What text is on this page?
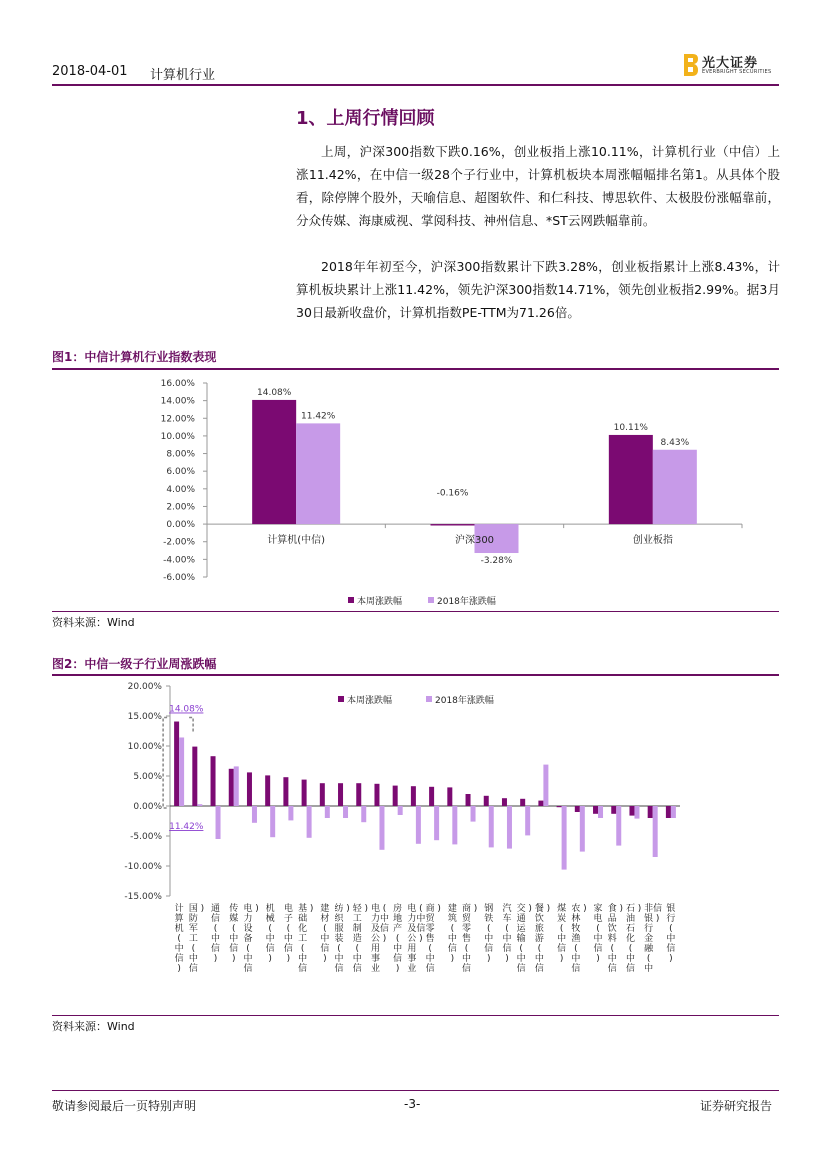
2018-04-01 计算机行业
光大证券
EVERBRIGHT SECURITIES
1、上周行情回顾
上周，沪深300指数下跌0.16%，创业板指上涨10.11%，计算机行业（中信）上涨11.42%，在中信一级28个子行业中，计算机板块本周涨幅幅排名第1。从具体个股看，除停牌个股外，天喻信息、超图软件、和仁科技、博思软件、太极股份涨幅靠前，分众传媒、海康威视、掌阅科技、神州信息、*ST云网跌幅靠前。
2018年年初至今，沪深300指数累计下跌3.28%，创业板指累计上涨8.43%，计算机板块累计上涨11.42%，领先沪深300指数14.71%，领先创业板指2.99%。据3月30日最新收盘价，计算机指数PE-TTM为71.26倍。
图1：中信计算机行业指数表现
16.00%
14.00%
12.00%
10.00%
8.00%
6.00%
4.00%
2.00%
0.00%
-2.00%
-4.00%
-6.00%
14.08%
11.42%
计算机(中信)
-0.16%
-3.28%
沪深300
10.11%
8.43%
创业板指
本周涨跌幅	2018年涨跌幅
资料来源：Wind
图2：中信一级子行业周涨跌幅
20.00%
15.00%
10.00%
5.00%
0.00%
-5.00%
-10.00%
-15.00%
计
算
机
(
中
信
)
国
防
军
工
(
中
信
) 通
信
(
中
信
)
传
媒
(
中
信
)
电
力
设
备
(
中
信
) 机
械
(
中
信
)
电
子
(
中
信
)
基
础
化
工
(
中
信
) 建
材
(
中
信
)
纺
织
服
装
(
中
信
) 轻
工
制
造
(
中
信
) 电
力
及
公
用
事
业
(
中
信
)
房
地
产
(
中
信
)
电
力
及
公
用
事
业
(
中
信
)
商
贸
零
售
(
中
信
) 建
筑
(
中
信
)
商
贸
零
售
(
中
信
) 钢
铁
(
中
信
)
汽
车
(
中
信
)
交
通
运
输
(
中
信
) 餐
饮
旅
游
(
中
信
) 煤
炭
(
中
信
)
农
林
牧
渔
(
中
信
) 家
电
(
中
信
)
食
品
饮
料
(
中
信
) 石
油
石
化
(
中
信
) 非
银
行
金
融
(
中
信
)
银
行
(
中
信
)
14.08%
11.42%
本周涨跌幅	2018年涨跌幅
资料来源：Wind
敬请参阅最后一页特别声明	-3-	证券研究报告
